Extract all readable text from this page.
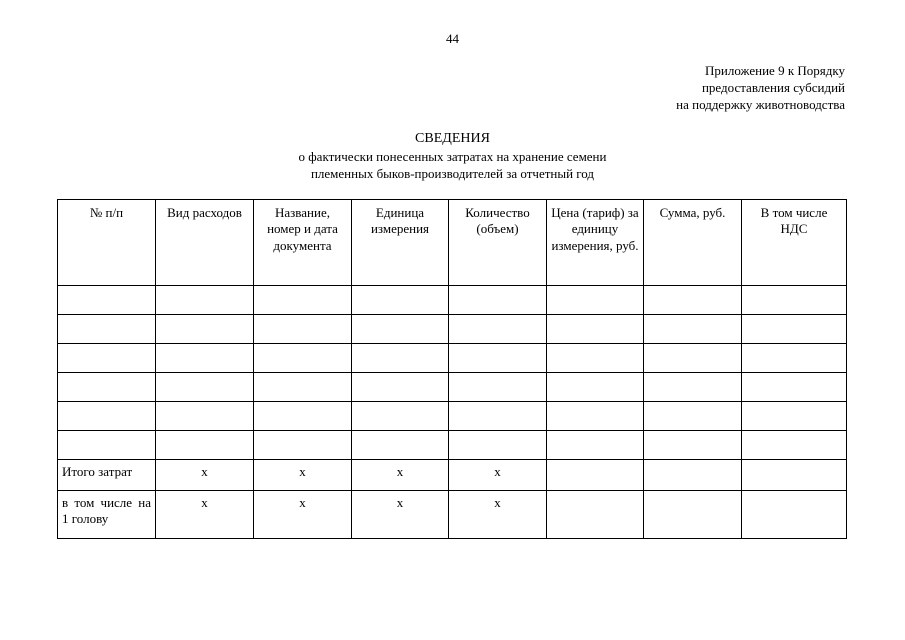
44
Приложение 9 к Порядку
предоставления субсидий
на поддержку животноводства
СВЕДЕНИЯ
о фактически понесенных затратах на хранение семени
племенных быков-производителей за отчетный год
№ п/п	Вид расходов	Название, номер и дата документа	Единица измерения	Количество (объем)	Цена (тариф) за единицу измерения, руб.	Сумма, руб.	В том числе НДС

Итого затрат	х	х	х	х			
в том числе на 1 голову	х	х	х	х			
